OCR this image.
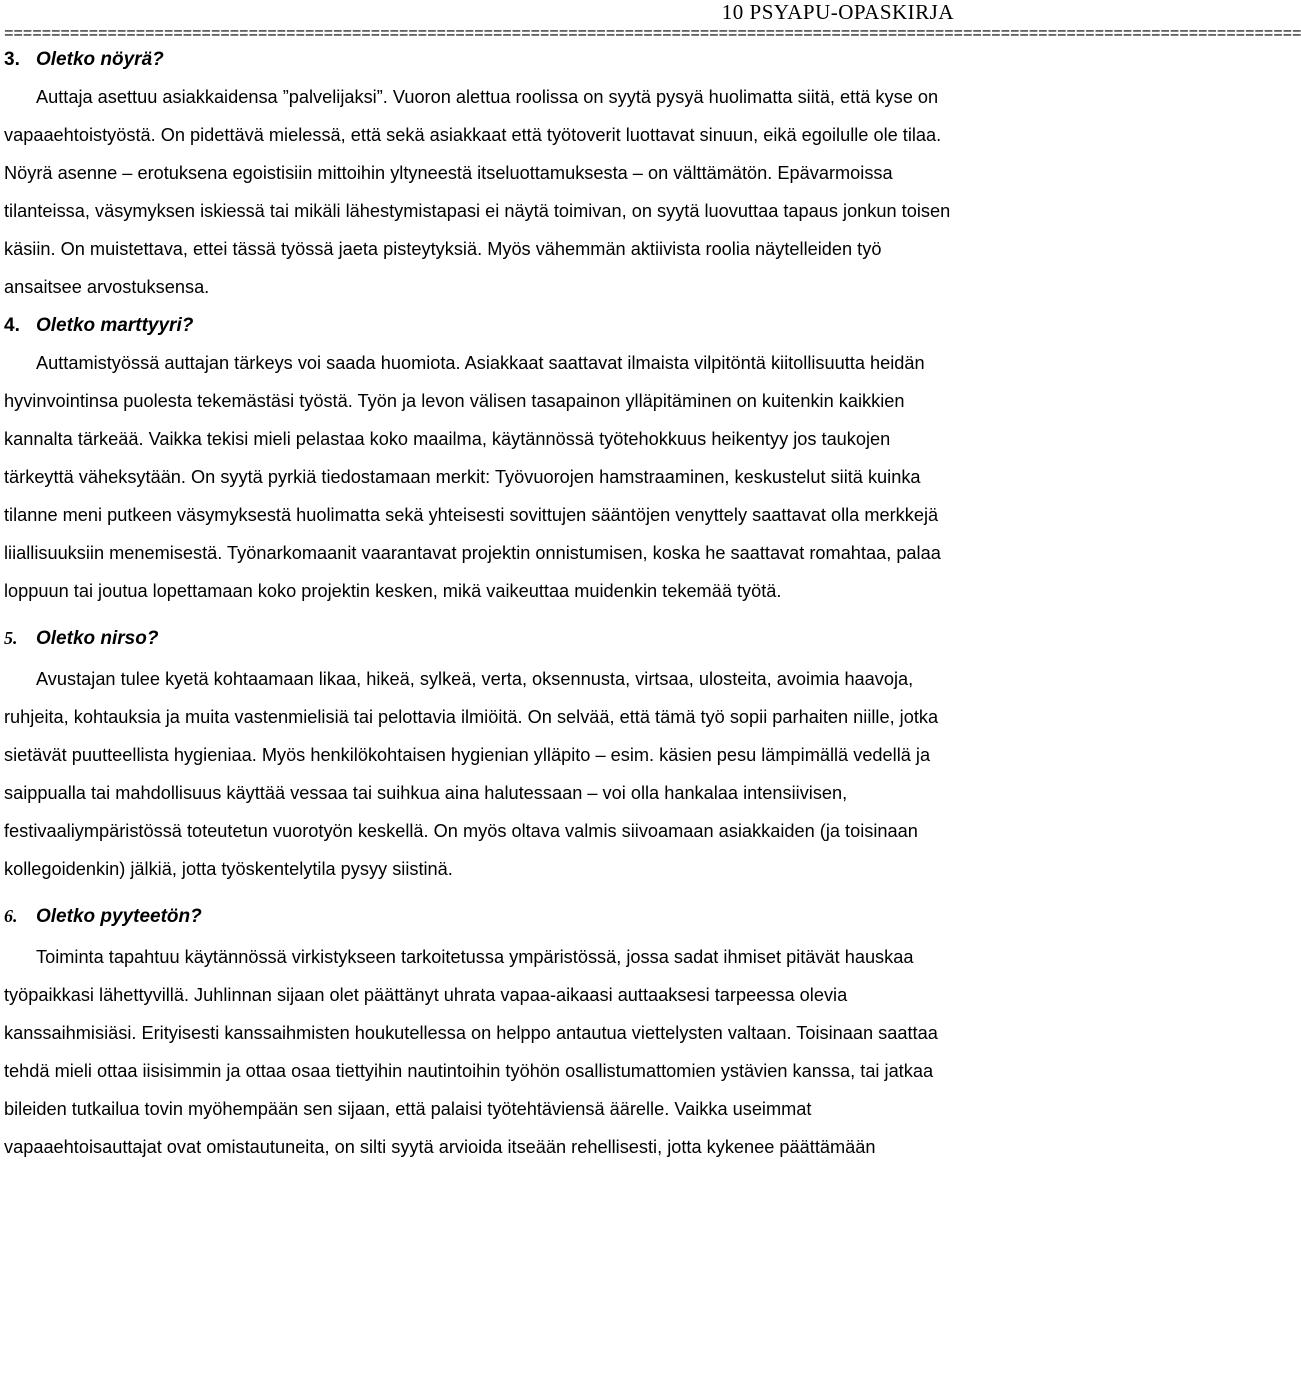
10 PSYAPU-OPASKIRJA
==========================================================================================================================================
3. Oletko nöyrä?

Auttaja asettuu asiakkaidensa ”palvelijaksi”. Vuoron alettua roolissa on syytä pysyä huolimatta siitä, että kyse on vapaaehtoistyöstä. On pidettävä mielessä, että sekä asiakkaat että työtoverit luottavat sinuun, eikä egoilulle ole tilaa. Nöyrä asenne – erotuksena egoistisiin mittoihin yltyneestä itseluottamuksesta – on välttämätön. Epävarmoissa tilanteissa, väsymyksen iskiessä tai mikäli lähestymistapasi ei näytä toimivan, on syytä luovuttaa tapaus jonkun toisen käsiin. On muistettava, ettei tässä työssä jaeta pisteytyksiä. Myös vähemmän aktiivista roolia näytelleiden työ ansaitsee arvostuksensa.

4. Oletko marttyyri?

Auttamistyössä auttajan tärkeys voi saada huomiota. Asiakkaat saattavat ilmaista vilpitöntä kiitollisuutta heidän hyvinvointinsa puolesta tekemästäsi työstä. Työn ja levon välisen tasapainon ylläpitäminen on kuitenkin kaikkien kannalta tärkeää. Vaikka tekisi mieli pelastaa koko maailma, käytännössä työtehokkuus heikentyy jos taukojen tärkeyttä väheksytään. On syytä pyrkiä tiedostamaan merkit: Työvuorojen hamstraaminen, keskustelut siitä kuinka tilanne meni putkeen väsymyksestä huolimatta sekä yhteisesti sovittujen sääntöjen venyttely saattavat olla merkkejä liiallisuuksiin menemisestä. Työnarkomaanit vaarantavat projektin onnistumisen, koska he saattavat romahtaa, palaa loppuun tai joutua lopettamaan koko projektin kesken, mikä vaikeuttaa muidenkin tekemää työtä.

5. Oletko nirso?

Avustajan tulee kyetä kohtaamaan likaa, hikeä, sylkeä, verta, oksennusta, virtsaa, ulosteita, avoimia haavoja, ruhjeita, kohtauksia ja muita vastenmielisiä tai pelottavia ilmiöitä. On selvää, että tämä työ sopii parhaiten niille, jotka sietävät puutteellista hygieniaa. Myös henkilökohtaisen hygienian ylläpito – esim. käsien pesu lämpimällä vedellä ja saippualla tai mahdollisuus käyttää vessaa tai suihkua aina halutessaan – voi olla hankalaa intensiivisen, festivaaliympäristössä toteutetun vuorotyön keskellä. On myös oltava valmis siivoamaan asiakkaiden (ja toisinaan kollegoidenkin) jälkiä, jotta työskentelytila pysyy siistinä.

6. Oletko pyyteetön?

Toiminta tapahtuu käytännössä virkistykseen tarkoitetussa ympäristössä, jossa sadat ihmiset pitävät hauskaa työpaikkasi lähettyvillä. Juhlinnan sijaan olet päättänyt uhrata vapaa-aikaasi auttaaksesi tarpeessa olevia kanssaihmisiäsi. Erityisesti kanssaihmisten houkutellessa on helppo antautua viettelysten valtaan. Toisinaan saattaa tehdä mieli ottaa iisisimmin ja ottaa osaa tiettyihin nautintoihin työhön osallistumattomien ystävien kanssa, tai jatkaa bileiden tutkailua tovin myöhempään sen sijaan, että palaisi työtehtäviensä äärelle. Vaikka useimmat vapaaehtoisauttajat ovat omistautuneita, on silti syytä arvioida itseään rehellisesti, jotta kykenee päättämään
